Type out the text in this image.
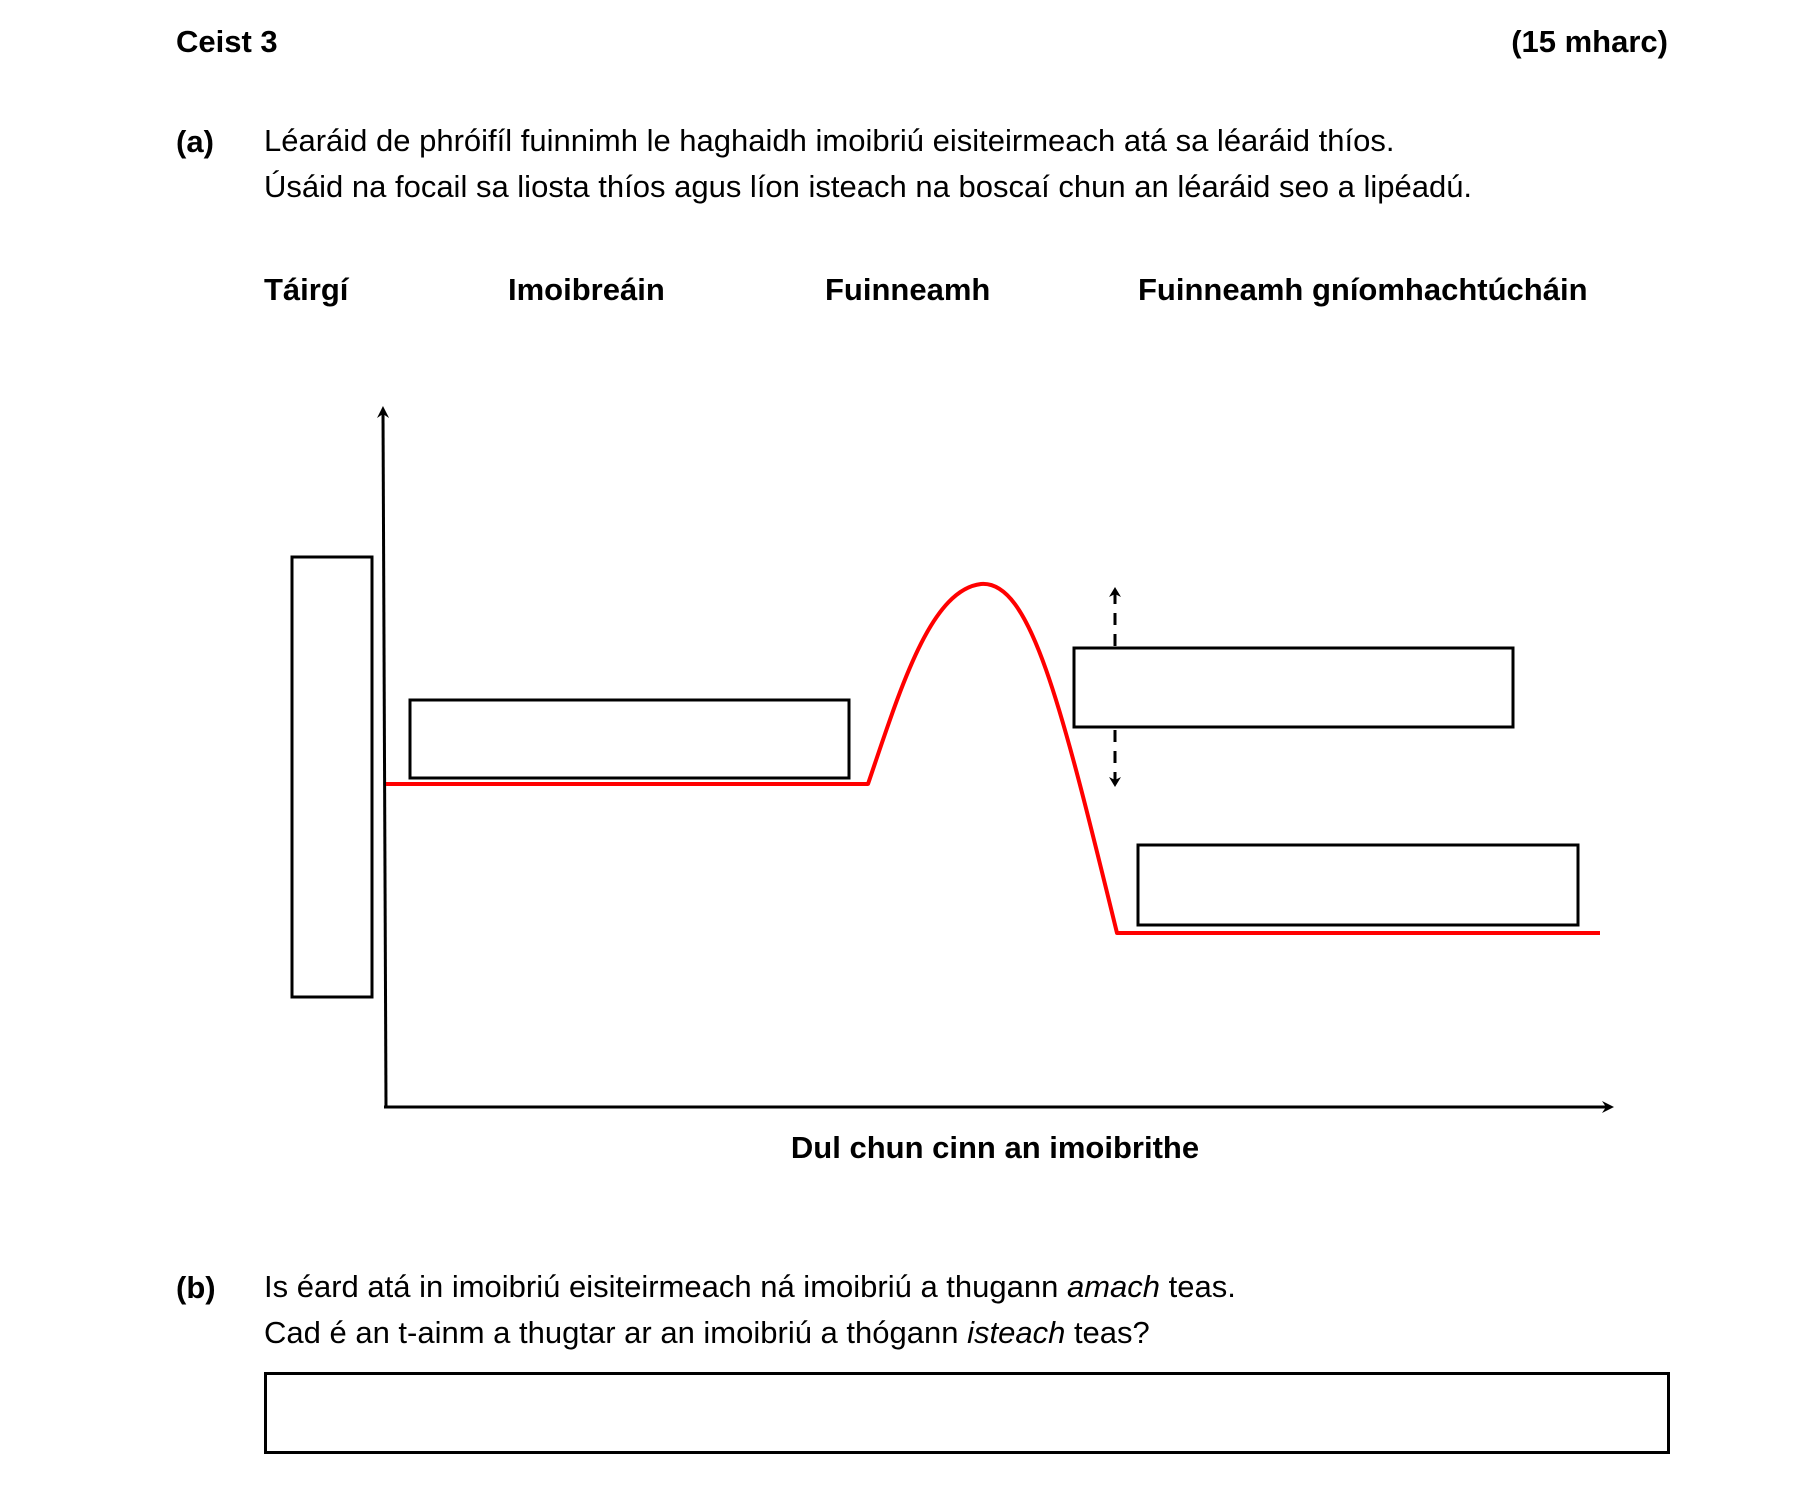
Ceist 3	(15 mharc)
(a) Léaráid de phróifíl fuinnimh le haghaidh imoibriú eisiteirmeach atá sa léaráid thíos.
Úsáid na focail sa liosta thíos agus líon isteach na boscaí chun an léaráid seo a lipéadú.
Táirgí	Imoibreáin	Fuinneamh	Fuinneamh gníomhachtúcháin
Dul chun cinn an imoibrithe
(b) Is éard atá in imoibriú eisiteirmeach ná imoibriú a thugann amach teas.
Cad é an t-ainm a thugtar ar an imoibriú a thógann isteach teas?
